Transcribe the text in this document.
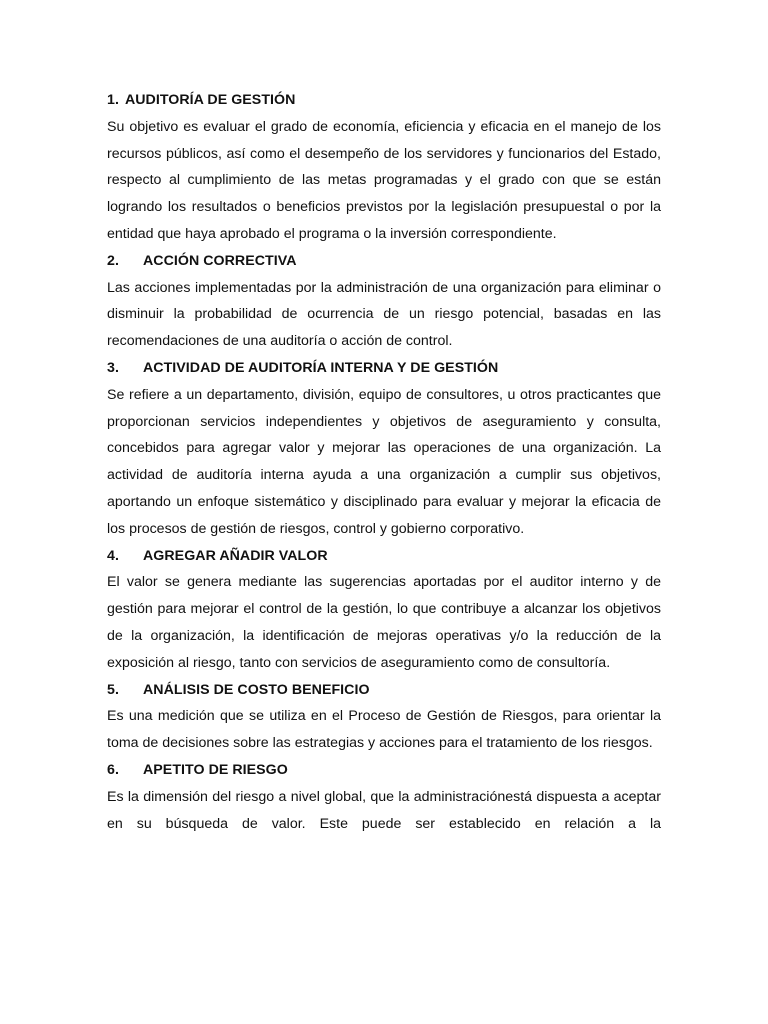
1. AUDITORÍA DE GESTIÓN

Su objetivo es evaluar el grado de economía, eficiencia y eficacia en el manejo de los recursos públicos, así como el desempeño de los servidores y funcionarios del Estado, respecto al cumplimiento de las metas programadas y el grado con que se están logrando los resultados o beneficios previstos por la legislación presupuestal o por la entidad que haya aprobado el programa o la inversión correspondiente.

2. ACCIÓN CORRECTIVA

Las acciones implementadas por la administración de una organización para eliminar o disminuir la probabilidad de ocurrencia de un riesgo potencial, basadas en las recomendaciones de una auditoría o acción de control.

3. ACTIVIDAD DE AUDITORÍA INTERNA Y DE GESTIÓN

Se refiere a un departamento, división, equipo de consultores, u otros practicantes que proporcionan servicios independientes y objetivos de aseguramiento y consulta, concebidos para agregar valor y mejorar las operaciones de una organización. La actividad de auditoría interna ayuda a una organización a cumplir sus objetivos, aportando un enfoque sistemático y disciplinado para evaluar y mejorar la eficacia de los procesos de gestión de riesgos, control y gobierno corporativo.

4. AGREGAR AÑADIR VALOR

El valor se genera mediante las sugerencias aportadas por el auditor interno y de gestión para mejorar el control de la gestión, lo que contribuye a alcanzar los objetivos de la organización, la identificación de mejoras operativas y/o la reducción de la exposición al riesgo, tanto con servicios de aseguramiento como de consultoría.

5. ANÁLISIS DE COSTO BENEFICIO

Es una medición que se utiliza en el Proceso de Gestión de Riesgos, para orientar la toma de decisiones sobre las estrategias y acciones para el tratamiento de los riesgos.

6. APETITO DE RIESGO

Es la dimensión del riesgo a nivel global, que la administraciónestá dispuesta a aceptar en su búsqueda de valor. Este puede ser establecido en relación a la
